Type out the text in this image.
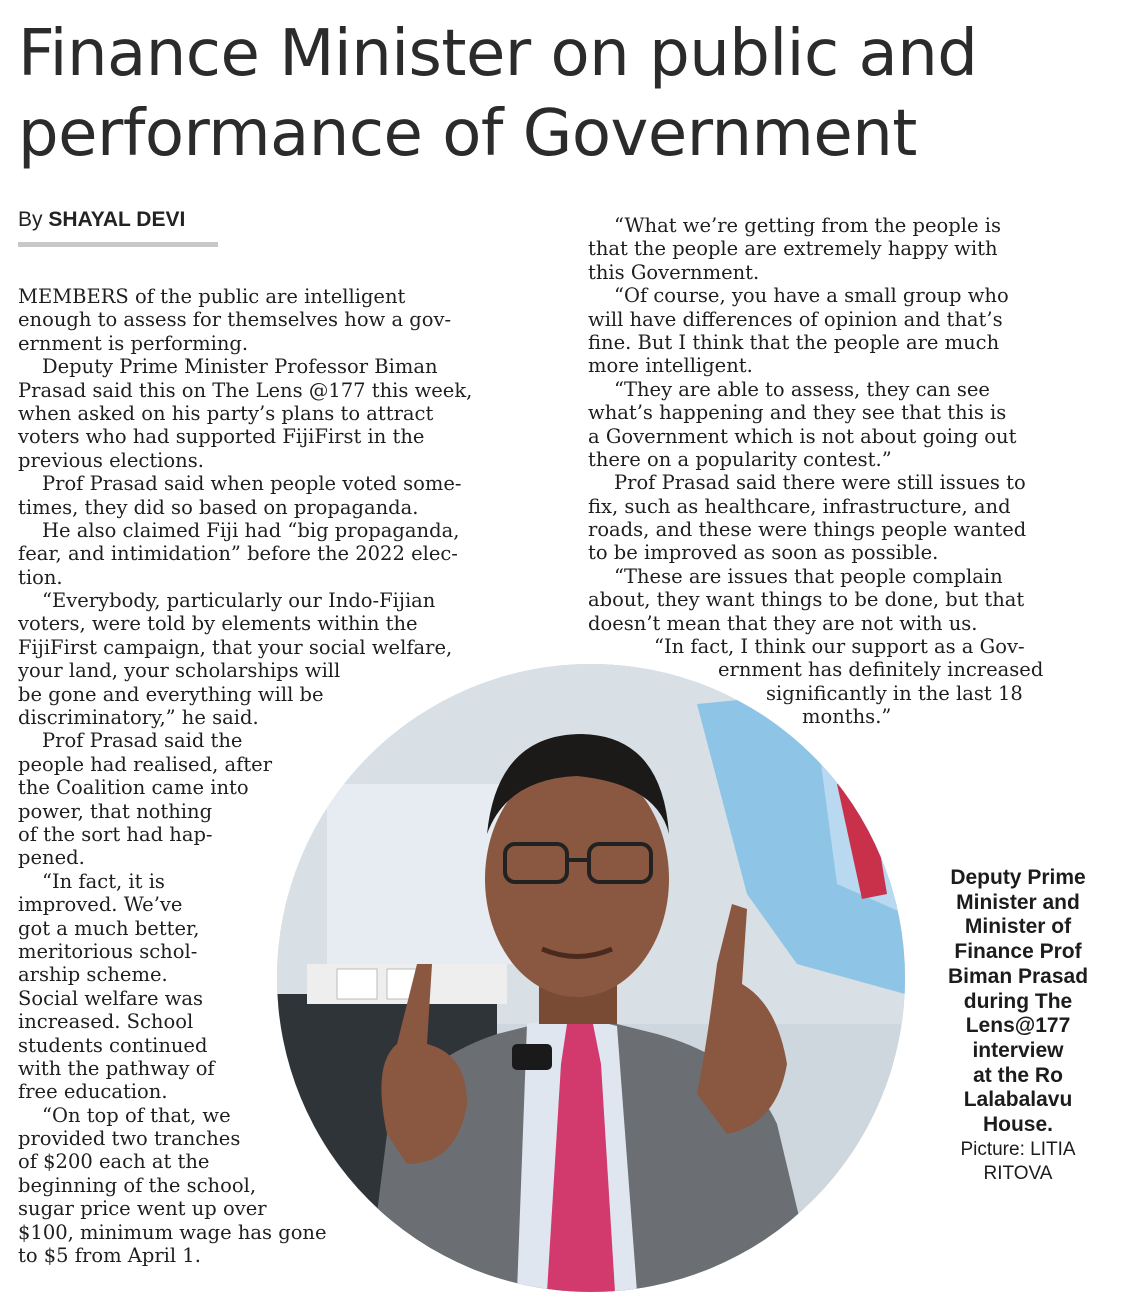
Finance Minister on public and
performance of Government
By SHAYAL DEVI
MEMBERS of the public are intelligent
enough to assess for themselves how a gov-
ernment is performing.
Deputy Prime Minister Professor Biman
Prasad said this on The Lens @177 this week,
when asked on his party’s plans to attract
voters who had supported FijiFirst in the
previous elections.
Prof Prasad said when people voted some-
times, they did so based on propaganda.
He also claimed Fiji had “big propaganda,
fear, and intimidation” before the 2022 elec-
tion.
“Everybody, particularly our Indo-Fijian
voters, were told by elements within the
FijiFirst campaign, that your social welfare,
your land, your scholarships will
be gone and everything will be
discriminatory,” he said.
Prof Prasad said the
people had realised, after
the Coalition came into
power, that nothing
of the sort had hap-
pened.
“In fact, it is
improved. We’ve
got a much better,
meritorious schol-
arship scheme.
Social welfare was
increased. School
students continued
with the pathway of
free education.
“On top of that, we
provided two tranches
of $200 each at the
beginning of the school,
sugar price went up over
$100, minimum wage has gone
to $5 from April 1.
“What we’re getting from the people is
that the people are extremely happy with
this Government.
“Of course, you have a small group who
will have differences of opinion and that’s
fine. But I think that the people are much
more intelligent.
“They are able to assess, they can see
what’s happening and they see that this is
a Government which is not about going out
there on a popularity contest.”
Prof Prasad said there were still issues to
fix, such as healthcare, infrastructure, and
roads, and these were things people wanted
to be improved as soon as possible.
“These are issues that people complain
about, they want things to be done, but that
doesn’t mean that they are not with us.
“In fact, I think our support as a Gov-
ernment has definitely increased
significantly in the last 18
months.”
Deputy Prime
Minister and
Minister of
Finance Prof
Biman Prasad
during The
Lens@177
interview
at the Ro
Lalabalavu
House.
Picture: LITIA
RITOVA
